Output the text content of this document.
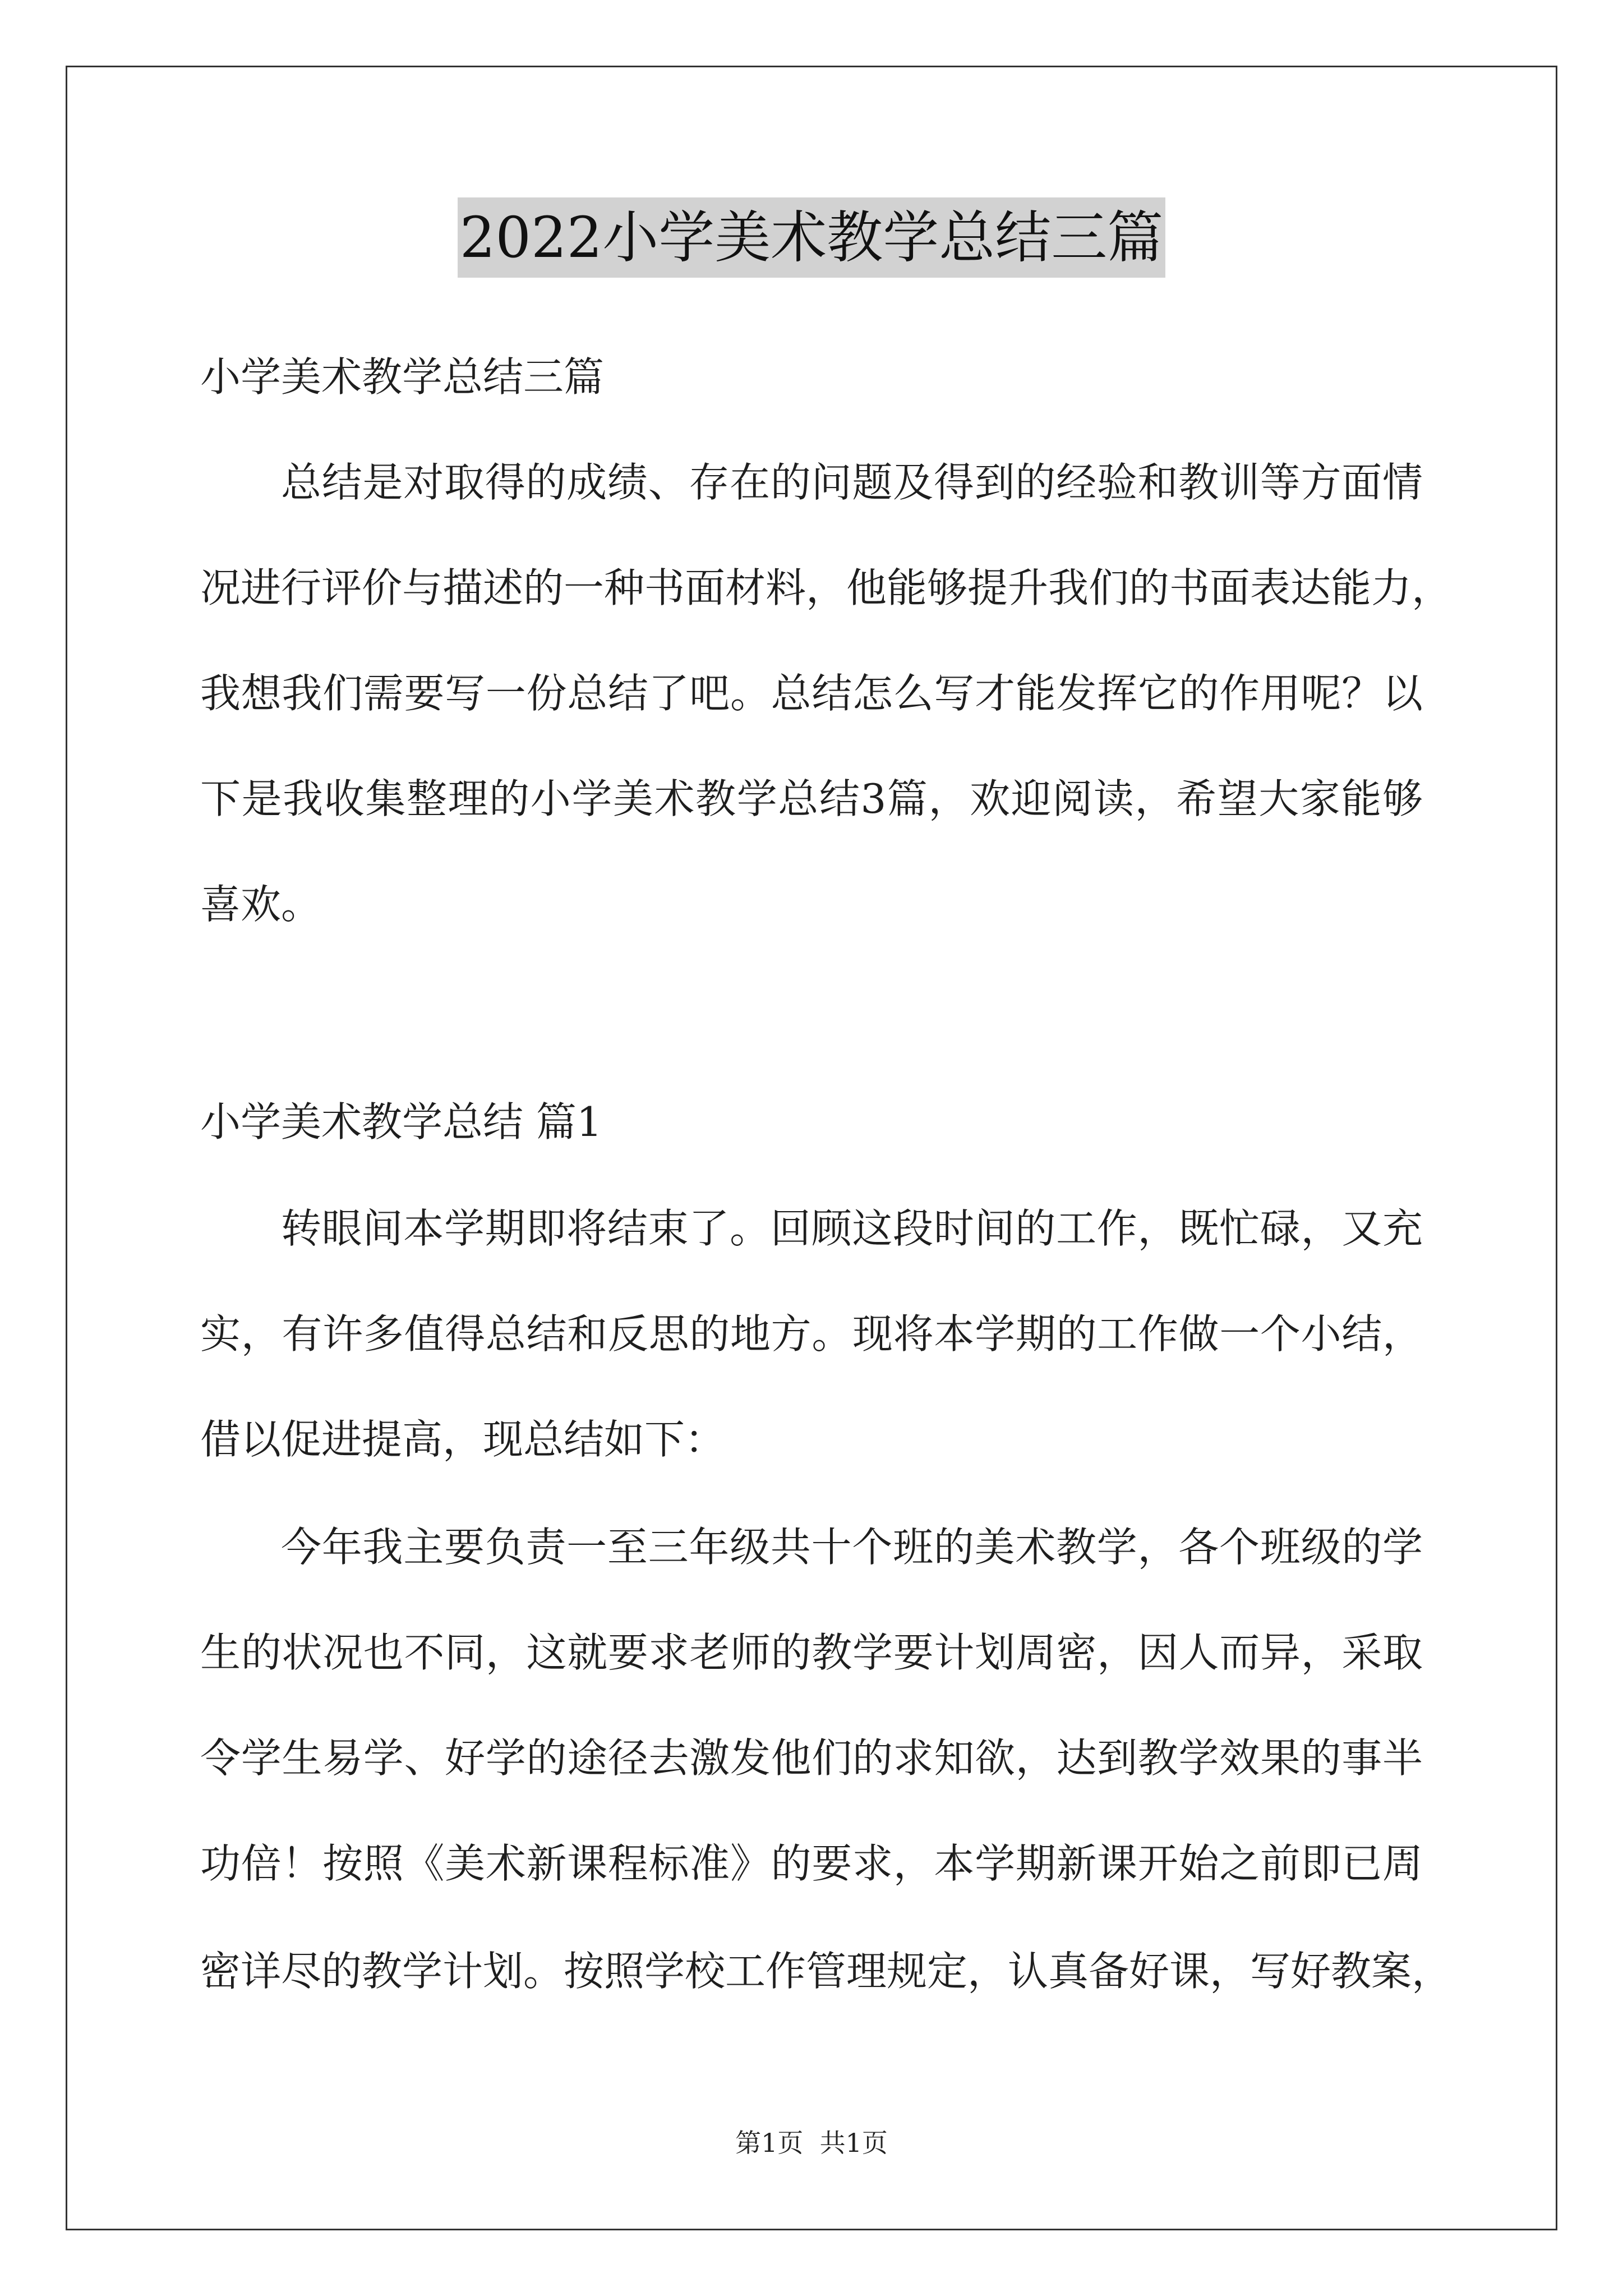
2022小学美术教学总结三篇
小学美术教学总结三篇
总结是对取得的成绩、存在的问题及得到的经验和教训等方面情
况进行评价与描述的一种书面材料，他能够提升我们的书面表达能力，
我想我们需要写一份总结了吧。总结怎么写才能发挥它的作用呢？以
下是我收集整理的小学美术教学总结3篇，欢迎阅读，希望大家能够
喜欢。
小学美术教学总结 篇1
转眼间本学期即将结束了。回顾这段时间的工作，既忙碌，又充
实，有许多值得总结和反思的地方。现将本学期的工作做一个小结，
借以促进提高，现总结如下：
今年我主要负责一至三年级共十个班的美术教学，各个班级的学
生的状况也不同，这就要求老师的教学要计划周密，因人而异，采取
令学生易学、好学的途径去激发他们的求知欲，达到教学效果的事半
功倍！按照《美术新课程标准》的要求，本学期新课开始之前即已周
密详尽的教学计划。按照学校工作管理规定，认真备好课，写好教案，
第1页  共1页
